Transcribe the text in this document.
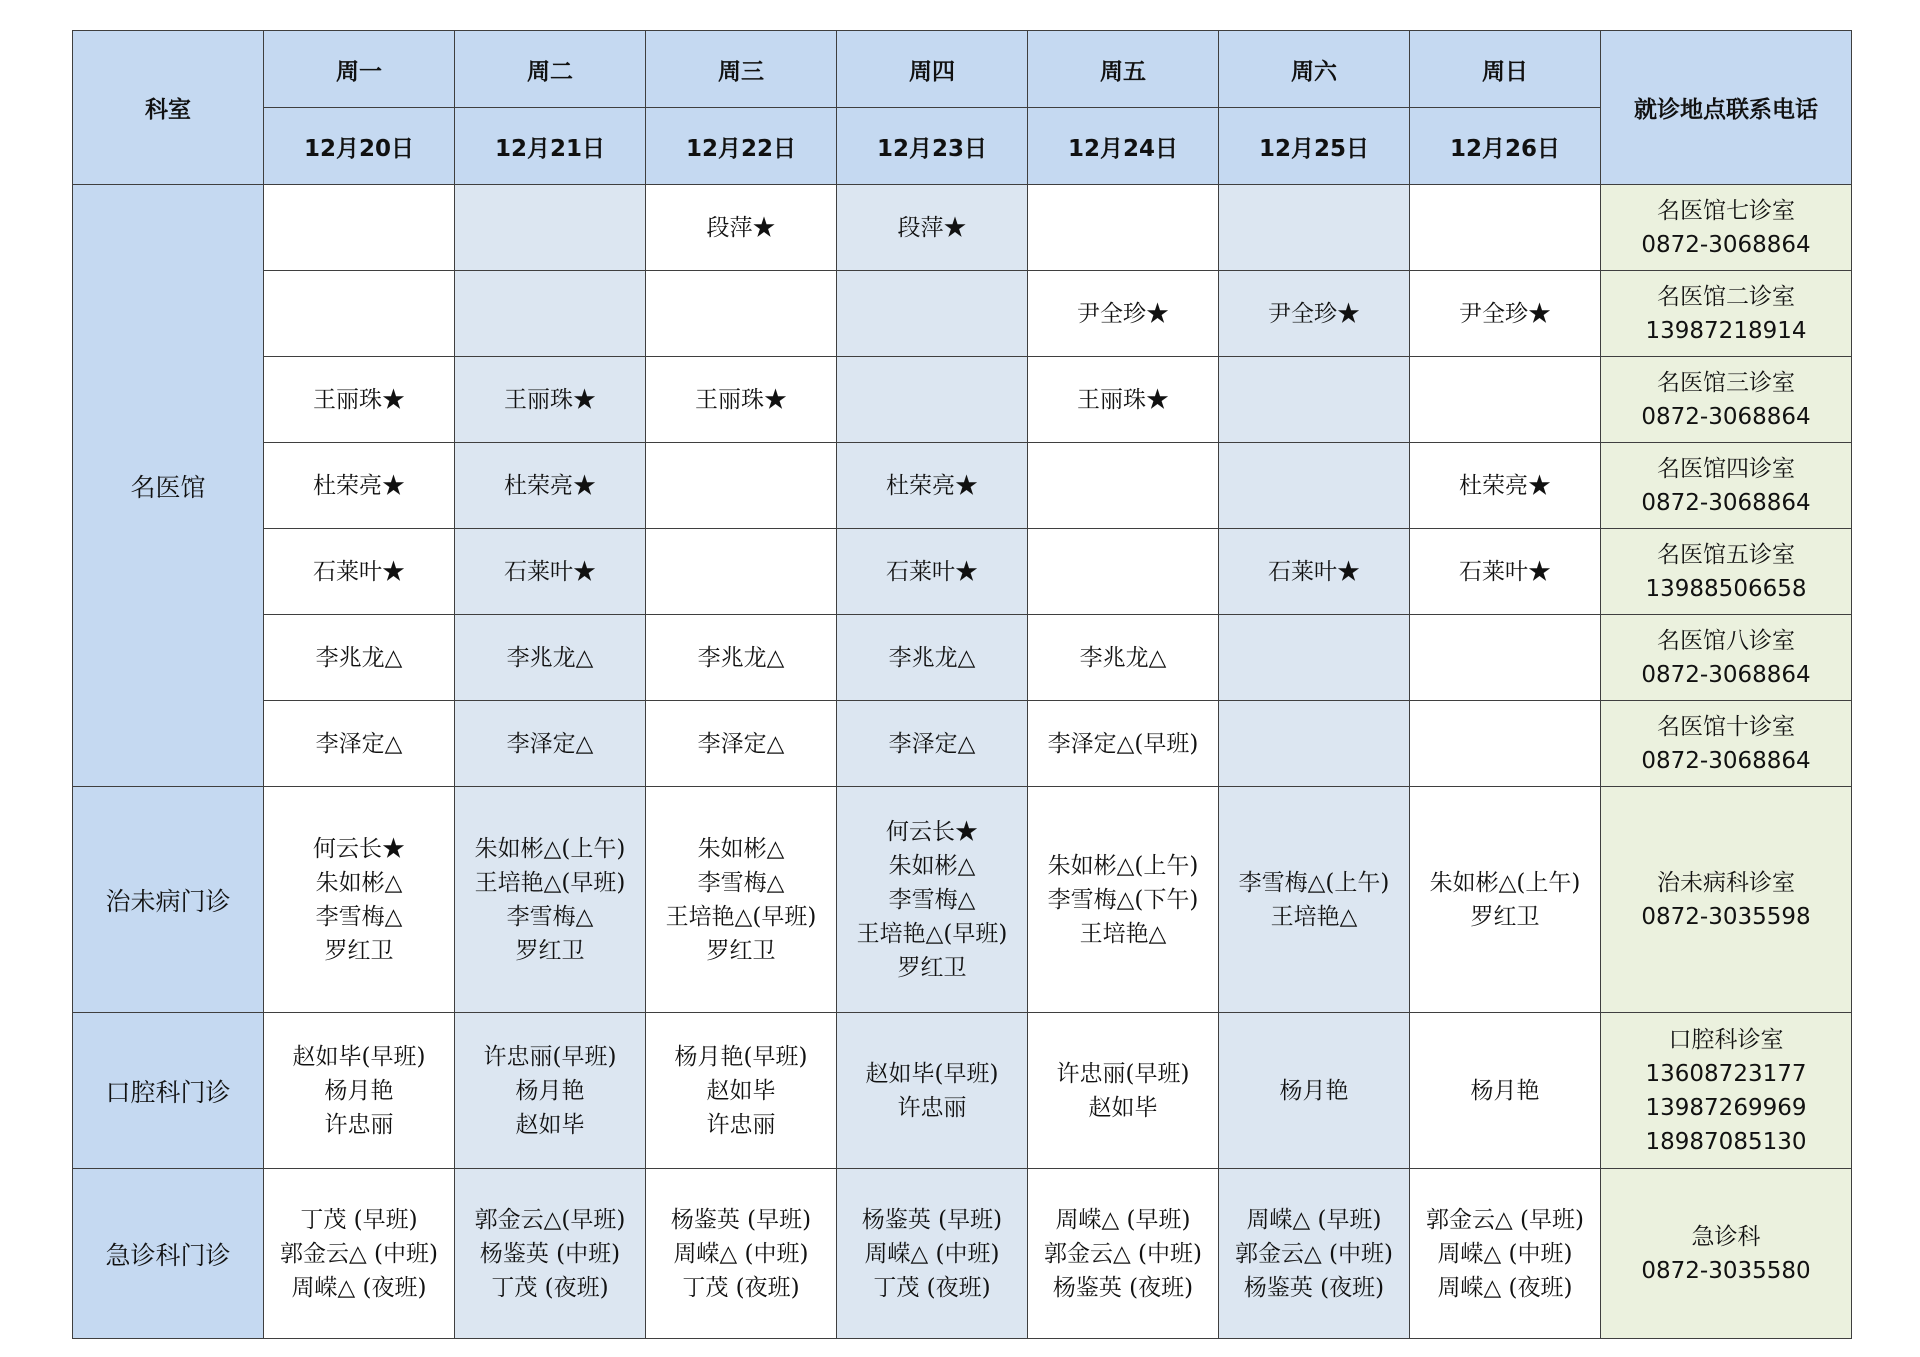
科室	周一	周二	周三	周四	周五	周六	周日	就诊地点联系电话
	12月20日	12月21日	12月22日	12月23日	12月24日	12月25日	12月26日	
名医馆			段萍★	段萍★				名医馆七诊室
0872-3068864

					尹全珍★	尹全珍★	尹全珍★	名医馆二诊室
13987218914

	王丽珠★	王丽珠★	王丽珠★		王丽珠★			名医馆三诊室
0872-3068864

	杜荣亮★	杜荣亮★		杜荣亮★			杜荣亮★	名医馆四诊室
0872-3068864

	石莱叶★	石莱叶★		石莱叶★		石莱叶★	石莱叶★	名医馆五诊室
13988506658

	李兆龙△	李兆龙△	李兆龙△	李兆龙△	李兆龙△			名医馆八诊室
0872-3068864

	李泽定△	李泽定△	李泽定△	李泽定△	李泽定△(早班)			名医馆十诊室
0872-3068864

治未病门诊	何云长★
朱如彬△
李雪梅△
罗红卫	朱如彬△(上午)
王培艳△(早班)
李雪梅△
罗红卫	朱如彬△
李雪梅△
王培艳△(早班)
罗红卫	何云长★
朱如彬△
李雪梅△
王培艳△(早班)
罗红卫	朱如彬△(上午)
李雪梅△(下午)
王培艳△	李雪梅△(上午)
王培艳△	朱如彬△(上午)
罗红卫	治未病科诊室
0872-3035598

口腔科门诊	赵如毕(早班)
杨月艳
许忠丽	许忠丽(早班)
杨月艳
赵如毕	杨月艳(早班)
赵如毕
许忠丽	赵如毕(早班)
许忠丽	许忠丽(早班)
赵如毕	杨月艳	杨月艳	口腔科诊室
13608723177
13987269969
18987085130

急诊科门诊	丁茂 (早班)
郭金云△ (中班)
周嵘△ (夜班)	郭金云△(早班)
杨鉴英 (中班)
丁茂 (夜班)	杨鉴英 (早班)
周嵘△ (中班)
丁茂 (夜班)	杨鉴英 (早班)
周嵘△ (中班)
丁茂 (夜班)	周嵘△ (早班)
郭金云△ (中班)
杨鉴英 (夜班)	周嵘△ (早班)
郭金云△ (中班)
杨鉴英 (夜班)	郭金云△ (早班)
周嵘△ (中班)
周嵘△ (夜班)	急诊科
0872-3035580
